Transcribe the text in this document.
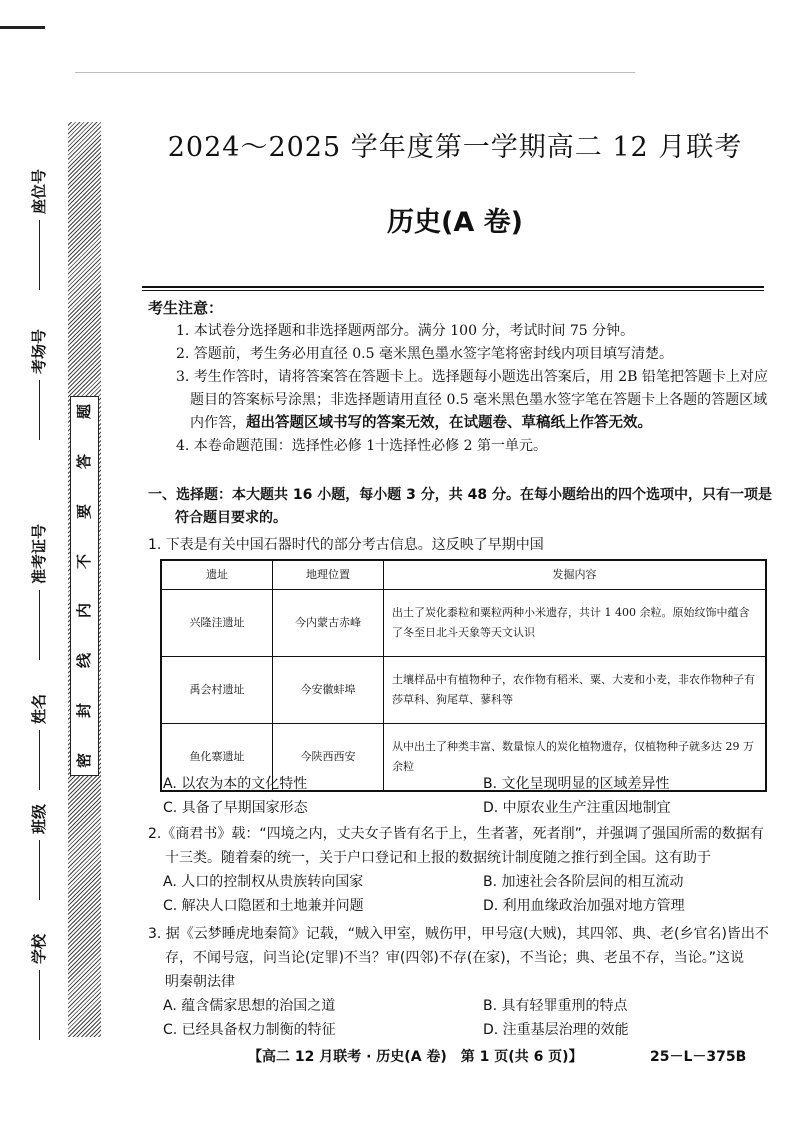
题
答
要
不
内
线
封
密
座位号
考场号
准考证号
姓名
班级
学校
2024～2025 学年度第一学期高二 12 月联考
历史(A 卷)
考生注意：
1. 本试卷分选择题和非选择题两部分。满分 100 分，考试时间 75 分钟。
2. 答题前，考生务必用直径 0.5 毫米黑色墨水签字笔将密封线内项目填写清楚。
3. 考生作答时，请将答案答在答题卡上。选择题每小题选出答案后，用 2B 铅笔把答题卡上对应题目的答案标号涂黑；非选择题请用直径 0.5 毫米黑色墨水签字笔在答题卡上各题的答题区域内作答，超出答题区域书写的答案无效，在试题卷、草稿纸上作答无效。
4. 本卷命题范围：选择性必修 1十选择性必修 2 第一单元。
一、选择题：本大题共 16 小题，每小题 3 分，共 48 分。在每小题给出的四个选项中，只有一项是
符合题目要求的。
1. 下表是有关中国石器时代的部分考古信息。这反映了早期中国
遗址	地理位置	发掘内容
兴隆洼遗址	今内蒙古赤峰	出土了炭化黍粒和粟粒两种小米遗存，共计 1 400 余粒。原始纹饰中蕴含了冬至日北斗天象等天文认识
禹会村遗址	今安徽蚌埠	土壤样品中有植物种子，农作物有稻米、粟、大麦和小麦，非农作物种子有莎草科、狗尾草、蓼科等
鱼化寨遗址	今陕西西安	从中出土了种类丰富、数量惊人的炭化植物遗存，仅植物种子就多达 29 万余粒
A. 以农为本的文化特性	B. 文化呈现明显的区域差异性
C. 具备了早期国家形态	D. 中原农业生产注重因地制宜
2.《商君书》载：“四境之内，丈夫女子皆有名于上，生者著，死者削”，并强调了强国所需的数据有
十三类。随着秦的统一，关于户口登记和上报的数据统计制度随之推行到全国。这有助于
A. 人口的控制权从贵族转向国家	B. 加速社会各阶层间的相互流动
C. 解决人口隐匿和土地兼并问题	D. 利用血缘政治加强对地方管理
3. 据《云梦睡虎地秦简》记载，“贼入甲室，贼伤甲，甲号寇(大贼)，其四邻、典、老(乡官名)皆出不
存，不闻号寇，问当论(定罪)不当？审(四邻)不存(在家)，不当论；典、老虽不存，当论。”这说
明秦朝法律
A. 蕴含儒家思想的治国之道	B. 具有轻罪重刑的特点
C. 已经具备权力制衡的特征	D. 注重基层治理的效能
【高二 12 月联考 · 历史(A 卷)　第 1 页(共 6 页)】	25－L－375B
